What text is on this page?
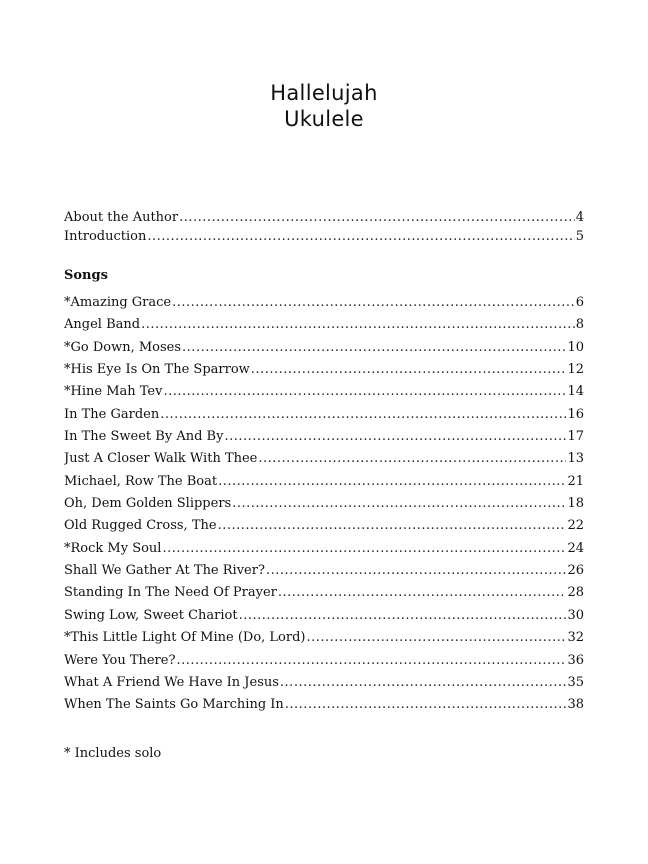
Hallelujah
Ukulele
About the Author .....	4
Introduction .....	5
Songs
*Amazing Grace .....	6
Angel Band .....	8
*Go Down, Moses .....	10
*His Eye Is On The Sparrow .....	12
*Hine Mah Tev .....	14
In The Garden .....	16
In The Sweet By And By .....	17
Just A Closer Walk With Thee .....	13
Michael, Row The Boat .....	21
Oh, Dem Golden Slippers .....	18
Old Rugged Cross, The .....	22
*Rock My Soul .....	24
Shall We Gather At The River? .....	26
Standing In The Need Of Prayer .....	28
Swing Low, Sweet Chariot .....	30
*This Little Light Of Mine (Do, Lord) .....	32
Were You There? .....	36
What A Friend We Have In Jesus .....	35
When The Saints Go Marching In .....	38
* Includes solo
